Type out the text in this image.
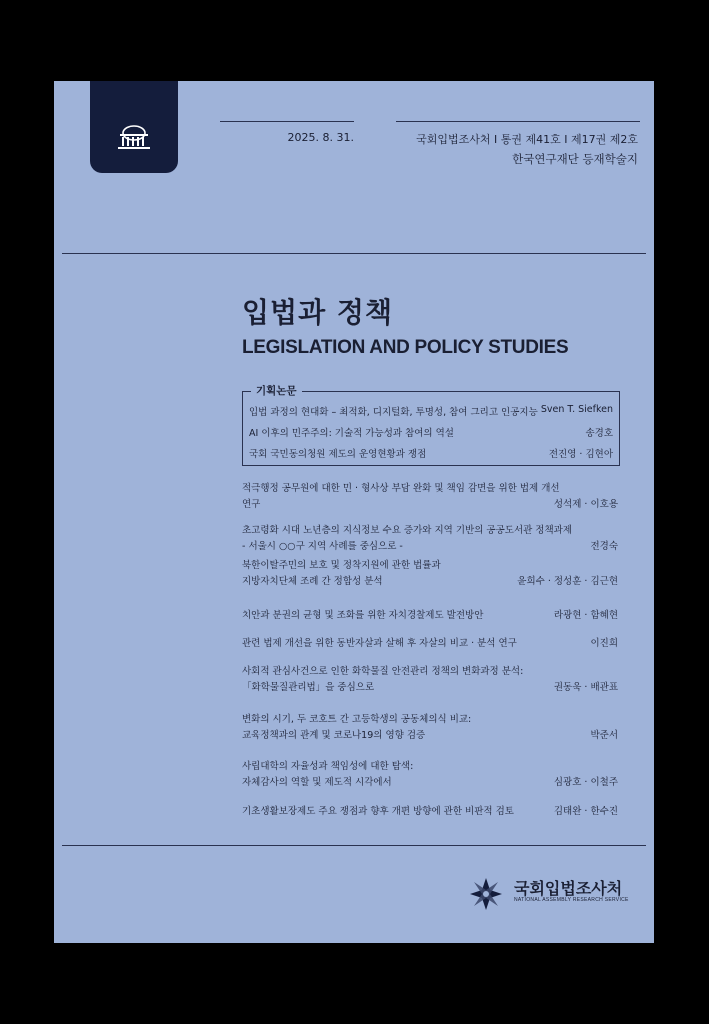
2025. 8. 31.	국회입법조사처 Ⅰ 통권 제41호 Ⅰ 제17권 제2호
한국연구재단 등재학술지
입법과 정책
LEGISLATION AND POLICY STUDIES
기획논문
입법 과정의 현대화 – 최적화, 디지털화, 투명성, 참여 그리고 인공지능 Sven T. Siefken
AI 이후의 민주주의: 기술적 가능성과 참여의 역설	송경호
국회 국민동의청원 제도의 운영현황과 쟁점	전진영 · 김현아
적극행정 공무원에 대한 민 · 형사상 부담 완화 및 책임 감면을 위한 법제 개선 연구	성석제 · 이호용
초고령화 시대 노년층의 지식정보 수요 증가와 지역 기반의 공공도서관 정책과제
- 서울시 ○○구 지역 사례를 중심으로 -	전경숙
북한이탈주민의 보호 및 정착지원에 관한 법률과
지방자치단체 조례 간 정합성 분석	윤희수 · 정성훈 · 김근현
치안과 분권의 균형 및 조화를 위한 자치경찰제도 발전방안	라광현 · 함혜현
관련 법제 개선을 위한 동반자살과 살해 후 자살의 비교 · 분석 연구	이진희
사회적 관심사건으로 인한 화학물질 안전관리 정책의 변화과정 분석:
「화학물질관리법」을 중심으로	권동욱 · 배관표
변화의 시기, 두 코호트 간 고등학생의 공동체의식 비교:
교육정책과의 관계 및 코로나19의 영향 검증	박준서
사립대학의 자율성과 책임성에 대한 탐색:
자체감사의 역할 및 제도적 시각에서	심광호 · 이철주
기초생활보장제도 주요 쟁점과 향후 개편 방향에 관한 비판적 검토	김태완 · 한수진
국회입법조사처
NATIONAL ASSEMBLY RESEARCH SERVICE
